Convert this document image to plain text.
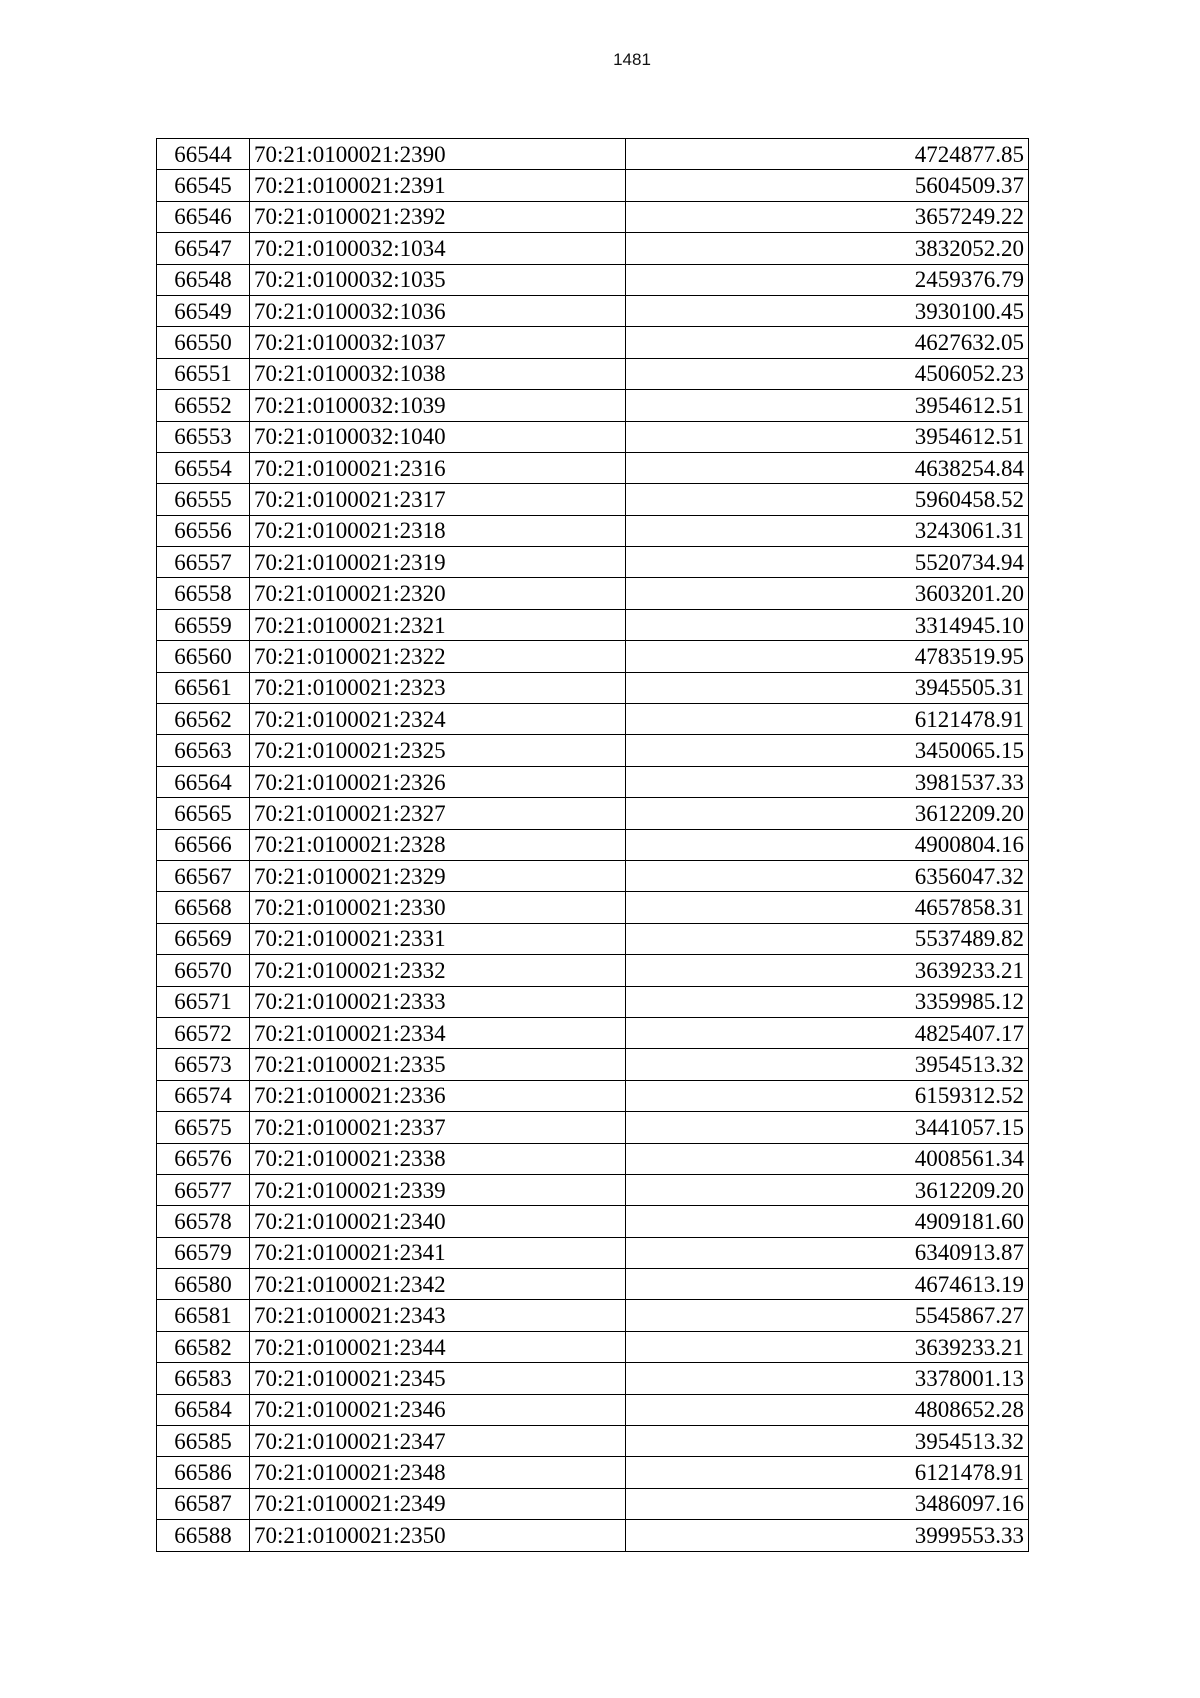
1481
66544	70:21:0100021:2390	4724877.85
66545	70:21:0100021:2391	5604509.37
66546	70:21:0100021:2392	3657249.22
66547	70:21:0100032:1034	3832052.20
66548	70:21:0100032:1035	2459376.79
66549	70:21:0100032:1036	3930100.45
66550	70:21:0100032:1037	4627632.05
66551	70:21:0100032:1038	4506052.23
66552	70:21:0100032:1039	3954612.51
66553	70:21:0100032:1040	3954612.51
66554	70:21:0100021:2316	4638254.84
66555	70:21:0100021:2317	5960458.52
66556	70:21:0100021:2318	3243061.31
66557	70:21:0100021:2319	5520734.94
66558	70:21:0100021:2320	3603201.20
66559	70:21:0100021:2321	3314945.10
66560	70:21:0100021:2322	4783519.95
66561	70:21:0100021:2323	3945505.31
66562	70:21:0100021:2324	6121478.91
66563	70:21:0100021:2325	3450065.15
66564	70:21:0100021:2326	3981537.33
66565	70:21:0100021:2327	3612209.20
66566	70:21:0100021:2328	4900804.16
66567	70:21:0100021:2329	6356047.32
66568	70:21:0100021:2330	4657858.31
66569	70:21:0100021:2331	5537489.82
66570	70:21:0100021:2332	3639233.21
66571	70:21:0100021:2333	3359985.12
66572	70:21:0100021:2334	4825407.17
66573	70:21:0100021:2335	3954513.32
66574	70:21:0100021:2336	6159312.52
66575	70:21:0100021:2337	3441057.15
66576	70:21:0100021:2338	4008561.34
66577	70:21:0100021:2339	3612209.20
66578	70:21:0100021:2340	4909181.60
66579	70:21:0100021:2341	6340913.87
66580	70:21:0100021:2342	4674613.19
66581	70:21:0100021:2343	5545867.27
66582	70:21:0100021:2344	3639233.21
66583	70:21:0100021:2345	3378001.13
66584	70:21:0100021:2346	4808652.28
66585	70:21:0100021:2347	3954513.32
66586	70:21:0100021:2348	6121478.91
66587	70:21:0100021:2349	3486097.16
66588	70:21:0100021:2350	3999553.33
